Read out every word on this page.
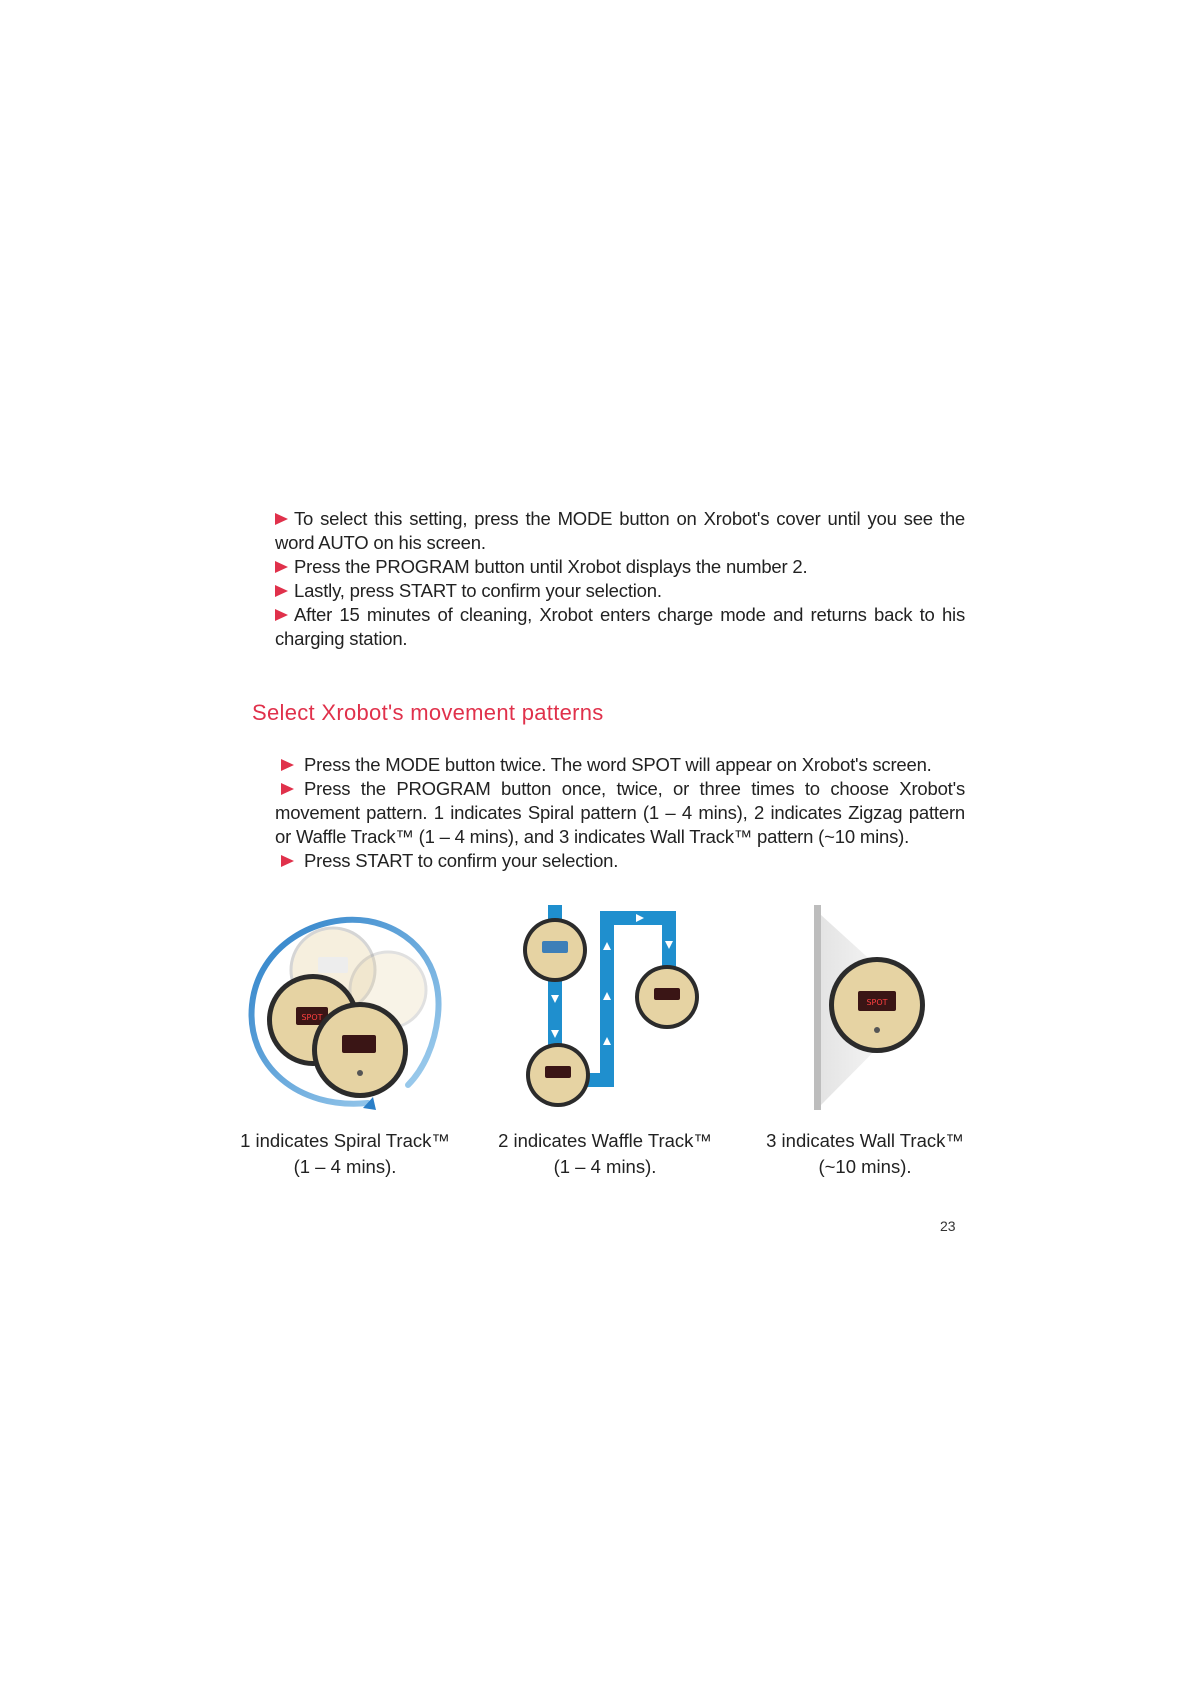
To select this setting, press the MODE button on Xrobot's cover until you see the word AUTO on his screen.

Press the PROGRAM button until Xrobot displays the number 2.

Lastly, press START to confirm your selection.

After 15 minutes of cleaning, Xrobot enters charge mode and returns back to his charging station.

Select Xrobot's movement patterns

Press the MODE button twice. The word SPOT will appear on Xrobot's screen.

Press the PROGRAM button once, twice, or three times to choose Xrobot's movement pattern. 1 indicates Spiral pattern (1 – 4 mins), 2 indicates Zigzag pattern or Waffle Track™ (1 – 4 mins), and 3 indicates Wall Track™ pattern (~10 mins).

Press START to confirm your selection.

SPOT
SPOT
1 indicates Spiral Track™
(1 – 4 mins).
2 indicates Waffle Track™
(1 – 4 mins).
3 indicates Wall Track™
(~10 mins).
23
